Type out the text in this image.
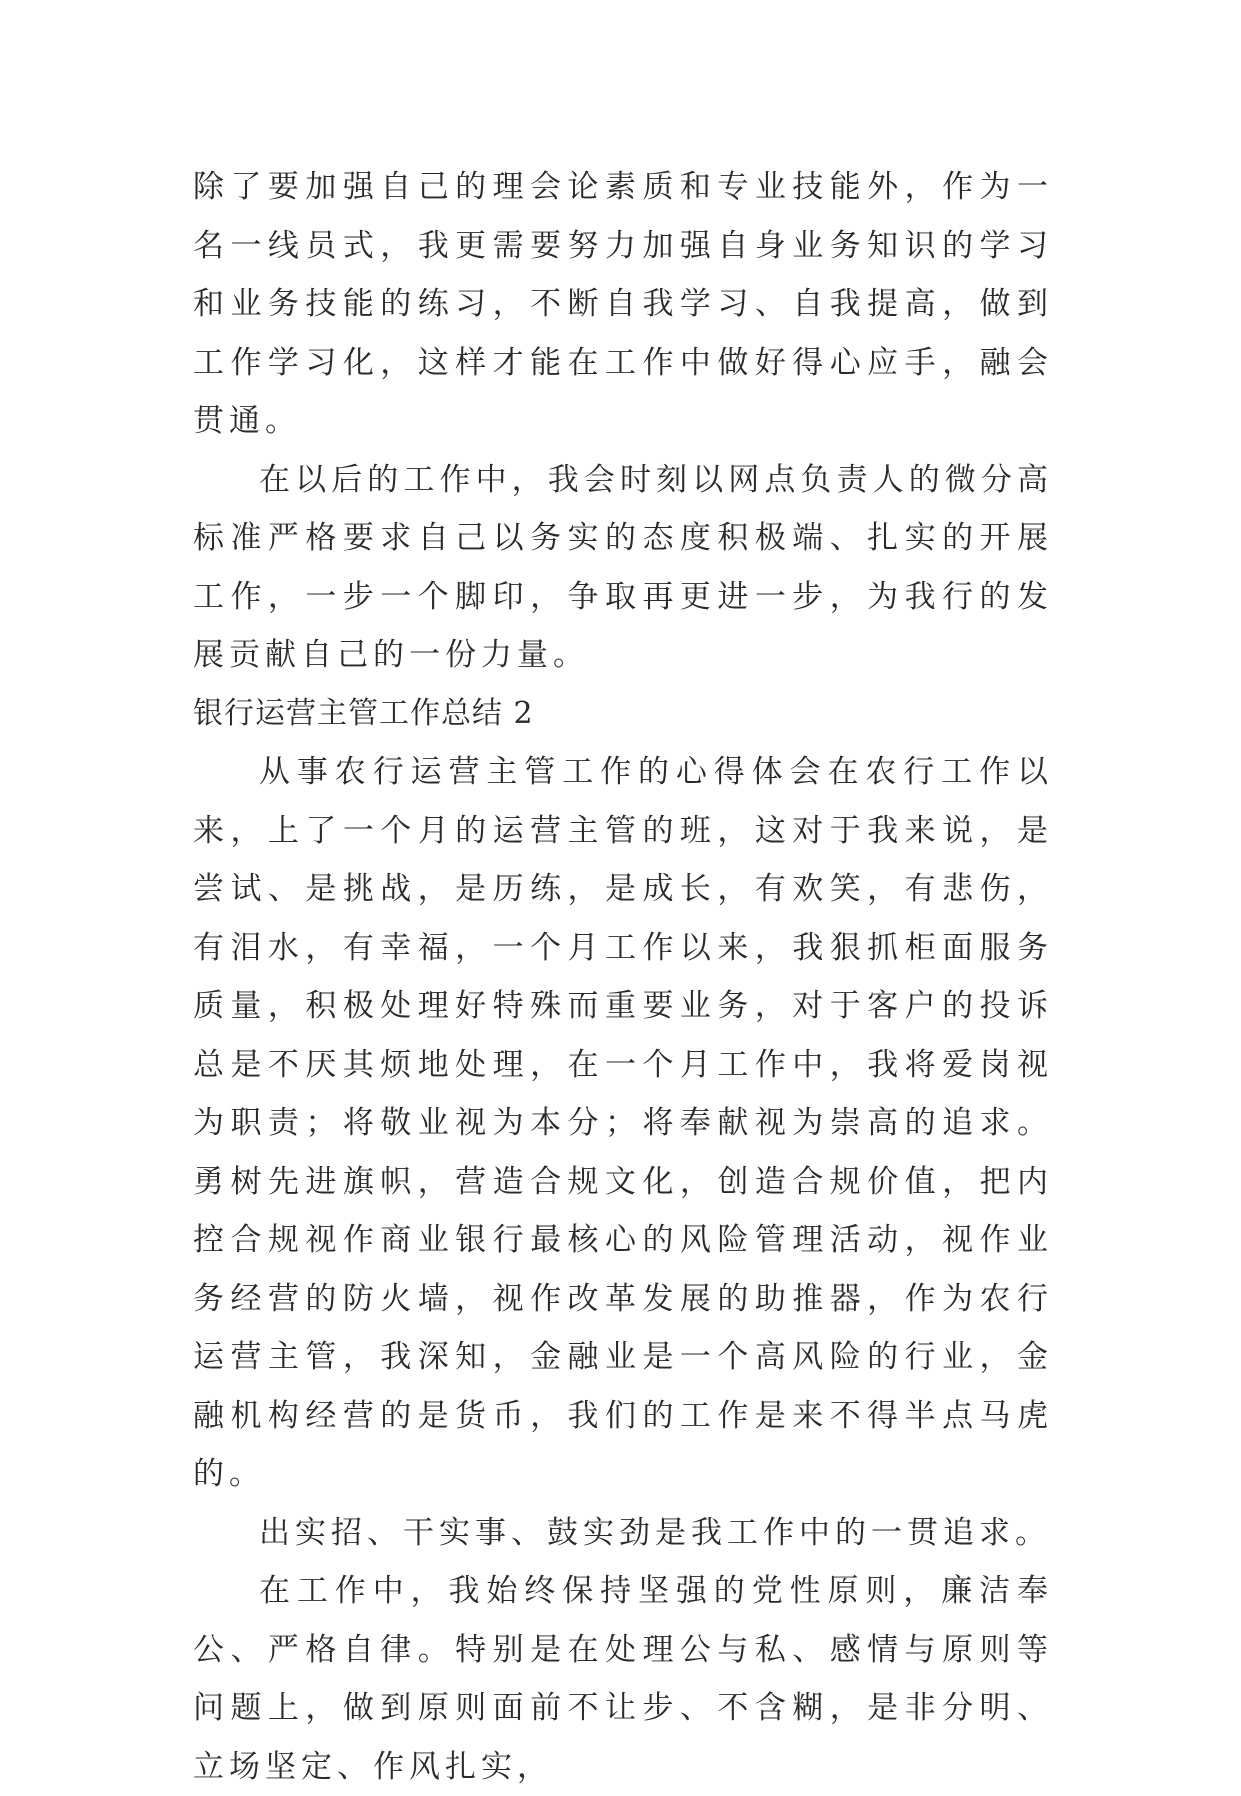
除了要加强自己的理会论素质和专业技能外，作为一名一线员式，我更需要努力加强自身业务知识的学习和业务技能的练习，不断自我学习、自我提高，做到工作学习化，这样才能在工作中做好得心应手，融会贯通。

在以后的工作中，我会时刻以网点负责人的微分高标准严格要求自己以务实的态度积极端、扎实的开展工作，一步一个脚印，争取再更进一步，为我行的发展贡献自己的一份力量。

银行运营主管工作总结 2

从事农行运营主管工作的心得体会在农行工作以来，上了一个月的运营主管的班，这对于我来说，是尝试、是挑战，是历练，是成长，有欢笑，有悲伤，有泪水，有幸福，一个月工作以来，我狠抓柜面服务质量，积极处理好特殊而重要业务，对于客户的投诉总是不厌其烦地处理，在一个月工作中，我将爱岗视为职责；将敬业视为本分；将奉献视为崇高的追求。勇树先进旗帜，营造合规文化，创造合规价值，把内控合规视作商业银行最核心的风险管理活动，视作业务经营的防火墙，视作改革发展的助推器，作为农行运营主管，我深知，金融业是一个高风险的行业，金融机构经营的是货币，我们的工作是来不得半点马虎的。

出实招、干实事、鼓实劲是我工作中的一贯追求。

在工作中，我始终保持坚强的党性原则，廉洁奉公、严格自律。特别是在处理公与私、感情与原则等问题上，做到原则面前不让步、不含糊，是非分明、立场坚定、作风扎实，
